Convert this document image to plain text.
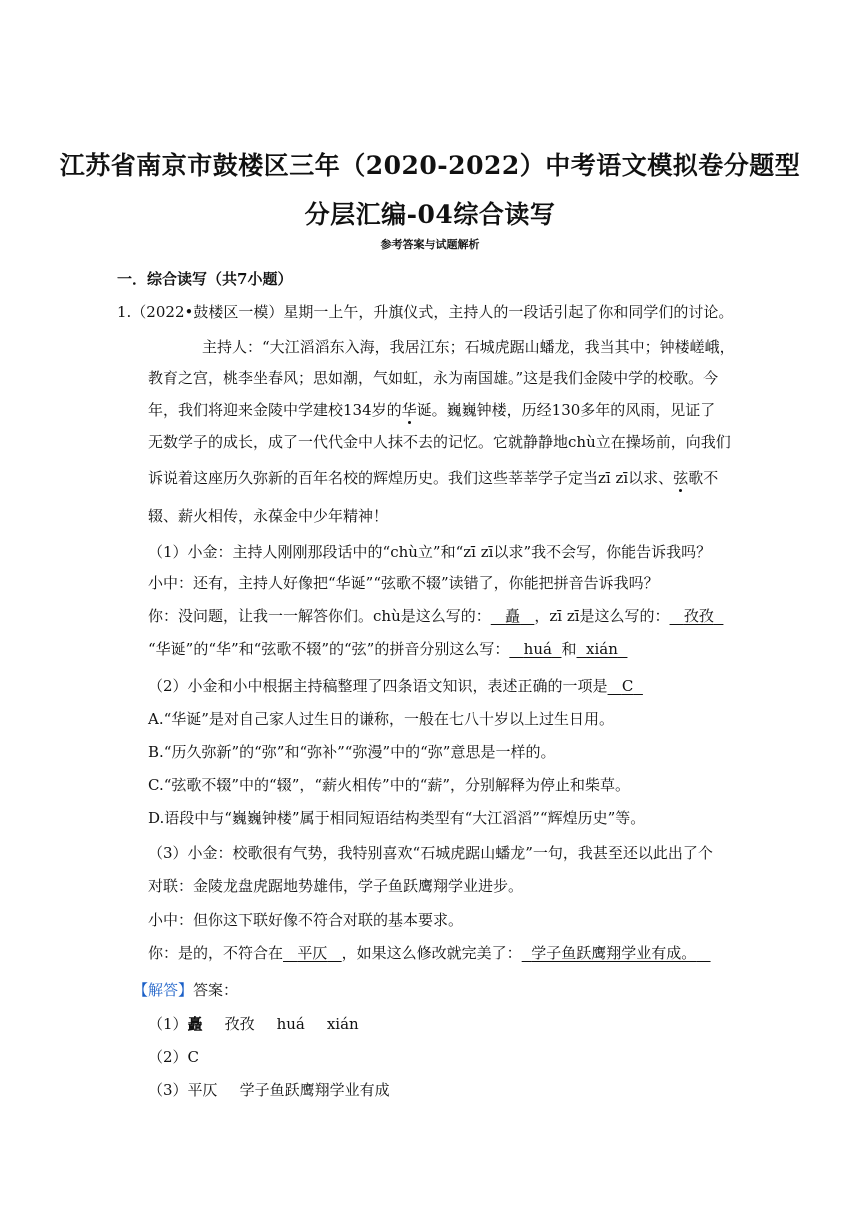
江苏省南京市鼓楼区三年（2020-2022）中考语文模拟卷分题型
分层汇编-04综合读写
参考答案与试题解析
一．综合读写（共7小题）
1.（2022•鼓楼区一模）星期一上午，升旗仪式，主持人的一段话引起了你和同学们的讨论。
主持人：“大江滔滔东入海，我居江东；石城虎踞山蟠龙，我当其中；钟楼嵯峨，
教育之宫，桃李坐春风；思如潮，气如虹，永为南国雄。”这是我们金陵中学的校歌。今
年，我们将迎来金陵中学建校134岁的华诞。巍巍钟楼，历经130多年的风雨，见证了
无数学子的成长，成了一代代金中人抹不去的记忆。它就静静地chù立在操场前，向我们
诉说着这座历久弥新的百年名校的辉煌历史。我们这些莘莘学子定当zī zī以求、弦歌不
辍、薪火相传，永葆金中少年精神！
（1）小金：主持人刚刚那段话中的“chù立”和“zī zī以求”我不会写，你能告诉我吗？
小中：还有，主持人好像把“华诞”“弦歌不辍”读错了，你能把拼音告诉我吗？
你：没问题，让我一一解答你们。chù是这么写的： 矗 ，zī zī是这么写的： 孜孜
“华诞”的“华”和“弦歌不辍”的“弦”的拼音分别这么写： huá 和 xián
（2）小金和小中根据主持稿整理了四条语文知识，表述正确的一项是 C
A.“华诞”是对自己家人过生日的谦称，一般在七八十岁以上过生日用。
B.“历久弥新”的“弥”和“弥补”“弥漫”中的“弥”意思是一样的。
C.“弦歌不辍”中的“辍”，“薪火相传”中的“薪”，分别解释为停止和柴草。
D.语段中与“巍巍钟楼”属于相同短语结构类型有“大江滔滔”“辉煌历史”等。
（3）小金：校歌很有气势，我特别喜欢“石城虎踞山蟠龙”一句，我甚至还以此出了个
对联：金陵龙盘虎踞地势雄伟，学子鱼跃鹰翔学业进步。
小中：但你这下联好像不符合对联的基本要求。
你：是的，不符合在 平仄 ，如果这么修改就完美了： 学子鱼跃鹰翔学业有成。
【解答】答案：
（1）矗 孜孜 huá xián
（2）C
（3）平仄 学子鱼跃鹰翔学业有成
